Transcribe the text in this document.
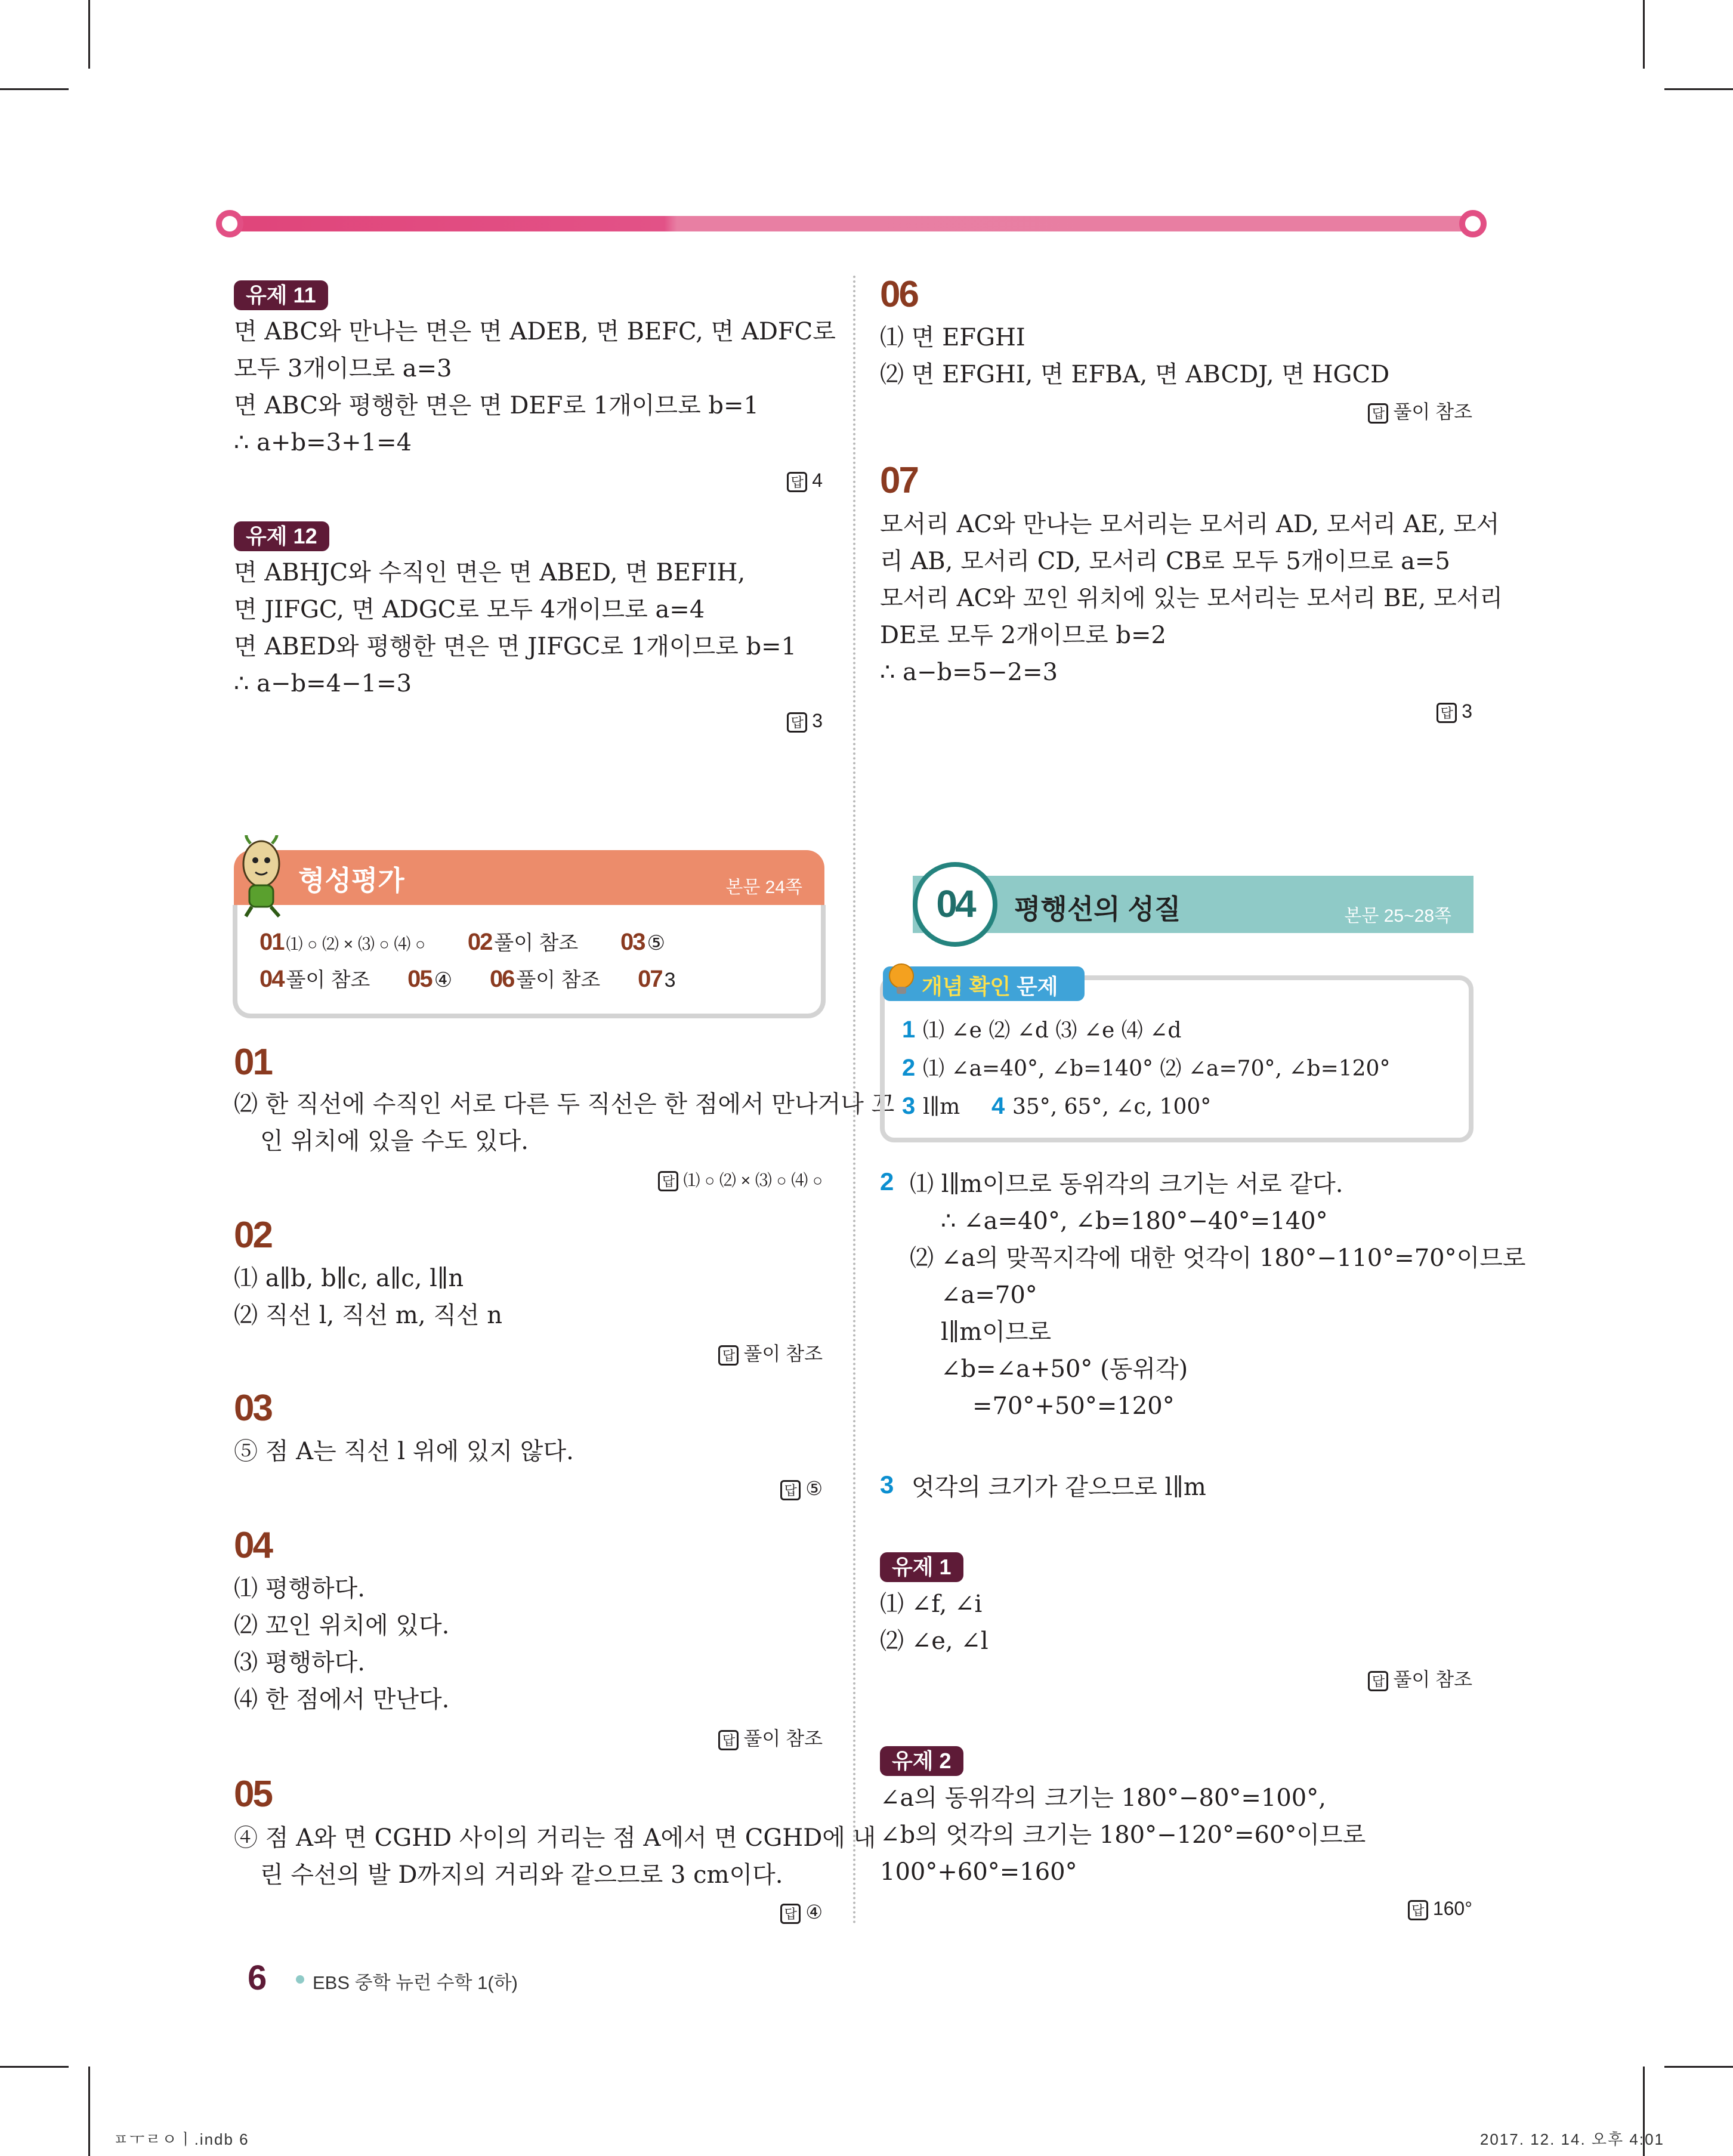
유제 11
면 ABC와 만나는 면은 면 ADEB, 면 BEFC, 면 ADFC로
모두 3개이므로 a=3
면 ABC와 평행한 면은 면 DEF로 1개이므로 b=1
∴ a+b=3+1=4
답 4
유제 12
면 ABHJC와 수직인 면은 면 ABED, 면 BEFIH,
면 JIFGC, 면 ADGC로 모두 4개이므로 a=4
면 ABED와 평행한 면은 면 JIFGC로 1개이므로 b=1
∴ a−b=4−1=3
답 3
형성평가	본문 24쪽
01 ⑴ ○ ⑵ × ⑶ ○ ⑷ ○ 02 풀이 참조 03 ⑤
04 풀이 참조 05 ④ 06 풀이 참조 07 3
01
⑵ 한 직선에 수직인 서로 다른 두 직선은 한 점에서 만나거나 꼬
인 위치에 있을 수도 있다.
답 ⑴ ○ ⑵ × ⑶ ○ ⑷ ○
02
⑴ a∥b, b∥c, a∥c, l∥n
⑵ 직선 l, 직선 m, 직선 n
답 풀이 참조
03
⑤ 점 A는 직선 l 위에 있지 않다.
답 ⑤
04
⑴ 평행하다.
⑵ 꼬인 위치에 있다.
⑶ 평행하다.
⑷ 한 점에서 만난다.
답 풀이 참조
05
④ 점 A와 면 CGHD 사이의 거리는 점 A에서 면 CGHD에 내
린 수선의 발 D까지의 거리와 같으므로 3 cm이다.
답 ④
06
⑴ 면 EFGHI
⑵ 면 EFGHI, 면 EFBA, 면 ABCDJ, 면 HGCD
답 풀이 참조
07
모서리 AC와 만나는 모서리는 모서리 AD, 모서리 AE, 모서
리 AB, 모서리 CD, 모서리 CB로 모두 5개이므로 a=5
모서리 AC와 꼬인 위치에 있는 모서리는 모서리 BE, 모서리
DE로 모두 2개이므로 b=2
∴ a−b=5−2=3
답 3
04	평행선의 성질	본문 25~28쪽
개념 확인 문제
1 ⑴ ∠e ⑵ ∠d ⑶ ∠e ⑷ ∠d
2 ⑴ ∠a=40°, ∠b=140° ⑵ ∠a=70°, ∠b=120°
3 l∥m 4 35°, 65°, ∠c, 100°
2 ⑴ l∥m이므로 동위각의 크기는 서로 같다.
∴ ∠a=40°, ∠b=180°−40°=140°
⑵ ∠a의 맞꼭지각에 대한 엇각이 180°−110°=70°이므로
∠a=70°
l∥m이므로
∠b=∠a+50° (동위각)
=70°+50°=120°
3 엇각의 크기가 같으므로 l∥m
유제 1
⑴ ∠f, ∠i
⑵ ∠e, ∠l
답 풀이 참조
유제 2
∠a의 동위각의 크기는 180°−80°=100°,
∠b의 엇각의 크기는 180°−120°=60°이므로
100°+60°=160°
답 160°
6 EBS 중학 뉴런 수학 1(하)
ㅍㅜㄹㅇㅣ.indb 6	2017. 12. 14. 오후 4:01
